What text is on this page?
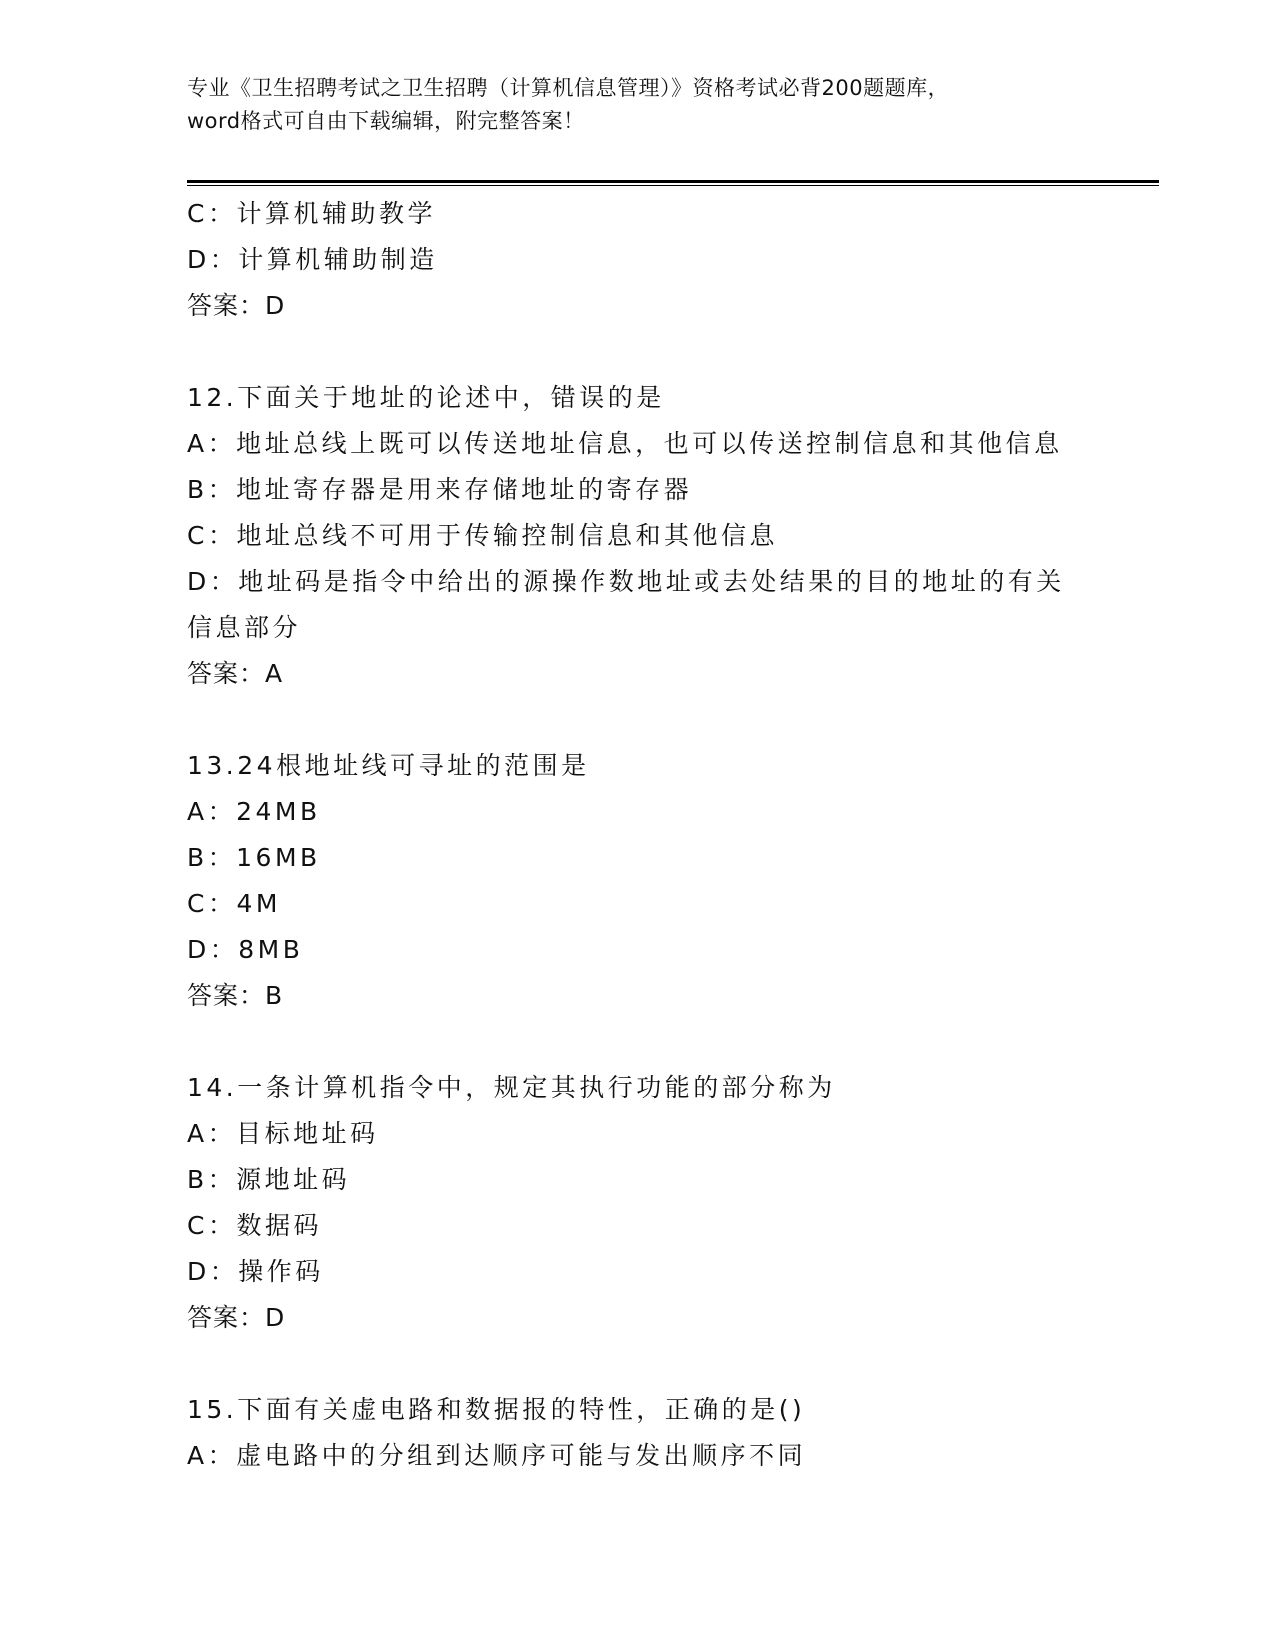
专业《卫生招聘考试之卫生招聘（计算机信息管理）》资格考试必背200题题库，
word格式可自由下载编辑，附完整答案！
C：计算机辅助教学
D：计算机辅助制造
答案：D
12.下面关于地址的论述中，错误的是
A：地址总线上既可以传送地址信息，也可以传送控制信息和其他信息
B：地址寄存器是用来存储地址的寄存器
C：地址总线不可用于传输控制信息和其他信息
D：地址码是指令中给出的源操作数地址或去处结果的目的地址的有关
信息部分
答案：A
13.24根地址线可寻址的范围是
A：24MB
B：16MB
C：4M
D：8MB
答案：B
14.一条计算机指令中，规定其执行功能的部分称为
A：目标地址码
B：源地址码
C：数据码
D：操作码
答案：D
15.下面有关虚电路和数据报的特性，正确的是()
A：虚电路中的分组到达顺序可能与发出顺序不同
